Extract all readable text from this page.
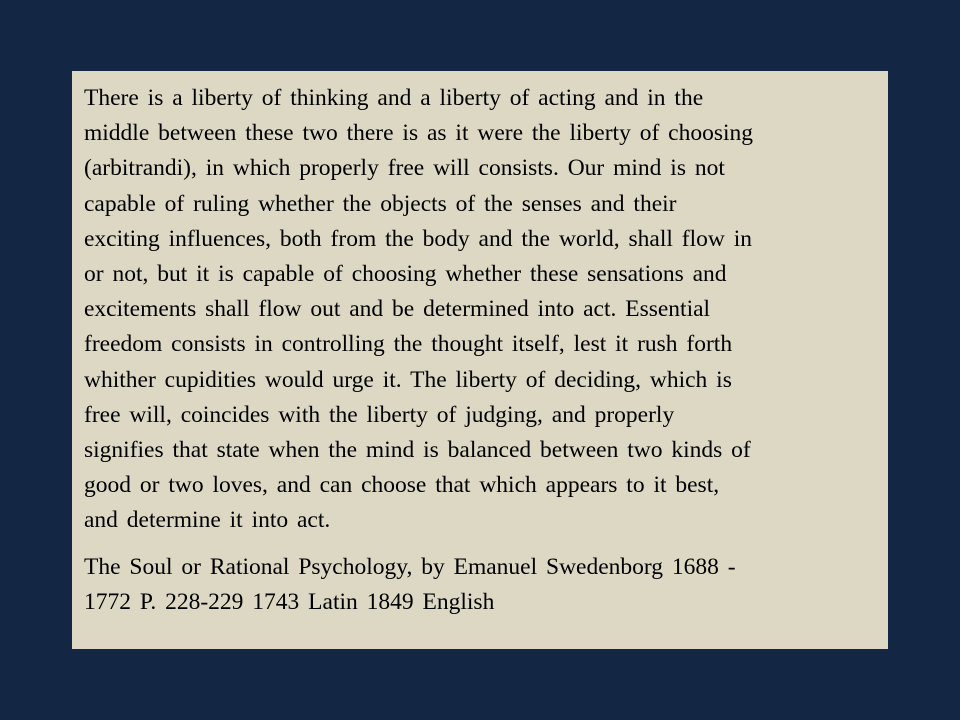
There is a liberty of thinking and a liberty of acting and in the
middle between these two there is as it were the liberty of choosing
(arbitrandi), in which properly free will consists. Our mind is not
capable of ruling whether the objects of the senses and their
exciting influences, both from the body and the world, shall flow in
or not, but it is capable of choosing whether these sensations and
excitements shall flow out and be determined into act. Essential
freedom consists in controlling the thought itself, lest it rush forth
whither cupidities would urge it. The liberty of deciding, which is
free will, coincides with the liberty of judging, and properly
signifies that state when the mind is balanced between two kinds of
good or two loves, and can choose that which appears to it best,
and determine it into act.

The Soul or Rational Psychology, by Emanuel Swedenborg 1688 -
1772 P. 228-229 1743 Latin 1849 English
